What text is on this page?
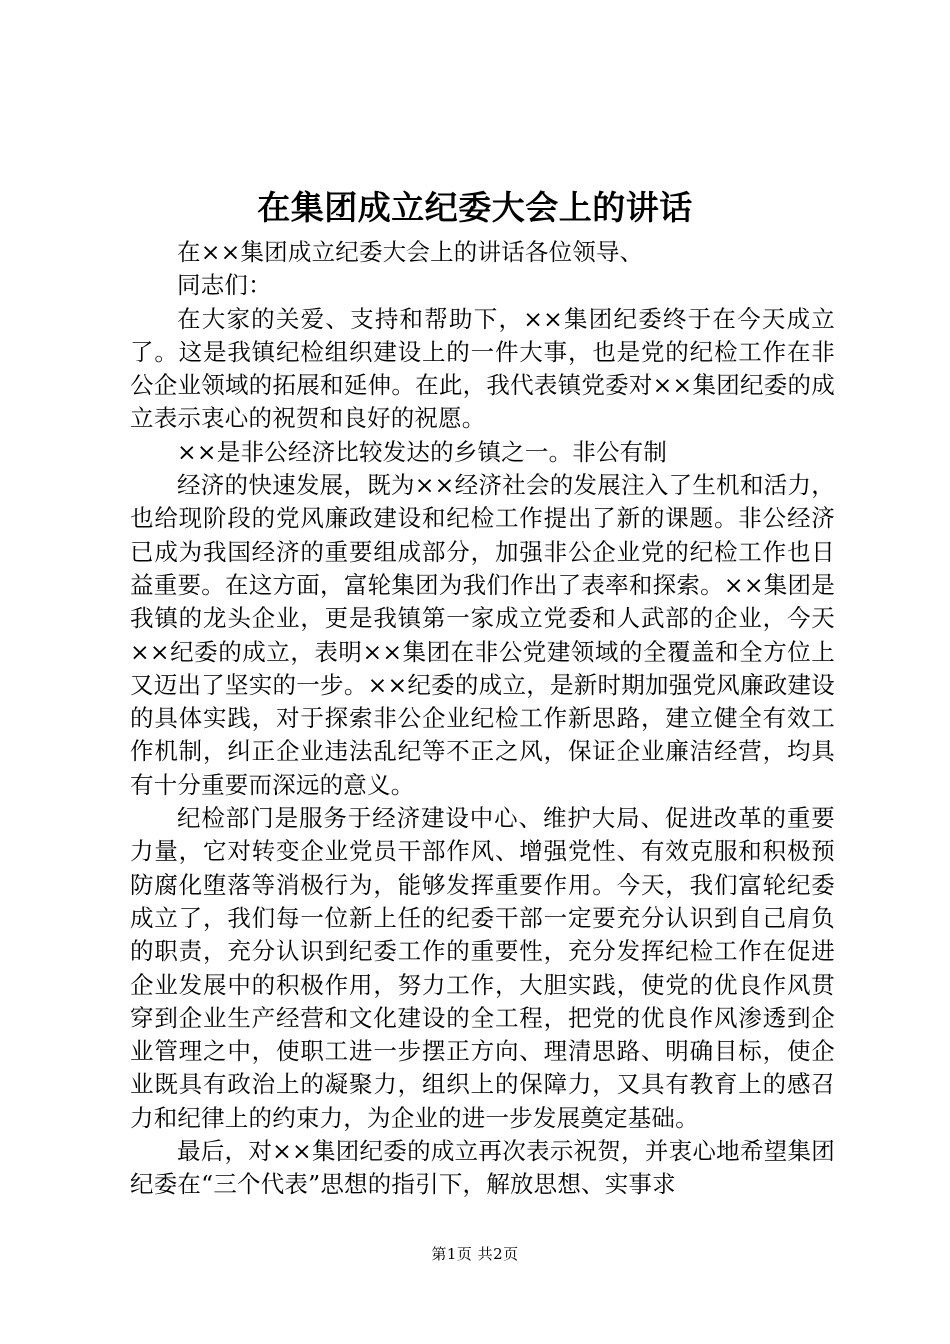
在集团成立纪委大会上的讲话

在××集团成立纪委大会上的讲话各位领导、

同志们：

在大家的关爱、支持和帮助下，××集团纪委终于在今天成立了。这是我镇纪检组织建设上的一件大事，也是党的纪检工作在非公企业领域的拓展和延伸。在此，我代表镇党委对××集团纪委的成立表示衷心的祝贺和良好的祝愿。

××是非公经济比较发达的乡镇之一。非公有制

经济的快速发展，既为××经济社会的发展注入了生机和活力，也给现阶段的党风廉政建设和纪检工作提出了新的课题。非公经济已成为我国经济的重要组成部分，加强非公企业党的纪检工作也日益重要。在这方面，富轮集团为我们作出了表率和探索。××集团是我镇的龙头企业，更是我镇第一家成立党委和人武部的企业，今天××纪委的成立，表明××集团在非公党建领域的全覆盖和全方位上又迈出了坚实的一步。××纪委的成立，是新时期加强党风廉政建设的具体实践，对于探索非公企业纪检工作新思路，建立健全有效工作机制，纠正企业违法乱纪等不正之风，保证企业廉洁经营，均具有十分重要而深远的意义。

纪检部门是服务于经济建设中心、维护大局、促进改革的重要力量，它对转变企业党员干部作风、增强党性、有效克服和积极预防腐化堕落等消极行为，能够发挥重要作用。今天，我们富轮纪委成立了，我们每一位新上任的纪委干部一定要充分认识到自己肩负的职责，充分认识到纪委工作的重要性，充分发挥纪检工作在促进企业发展中的积极作用，努力工作，大胆实践，使党的优良作风贯穿到企业生产经营和文化建设的全工程，把党的优良作风渗透到企业管理之中，使职工进一步摆正方向、理清思路、明确目标，使企业既具有政治上的凝聚力，组织上的保障力，又具有教育上的感召力和纪律上的约束力，为企业的进一步发展奠定基础。

最后，对××集团纪委的成立再次表示祝贺，并衷心地希望集团纪委在“三个代表”思想的指引下，解放思想、实事求

第1页 共2页
